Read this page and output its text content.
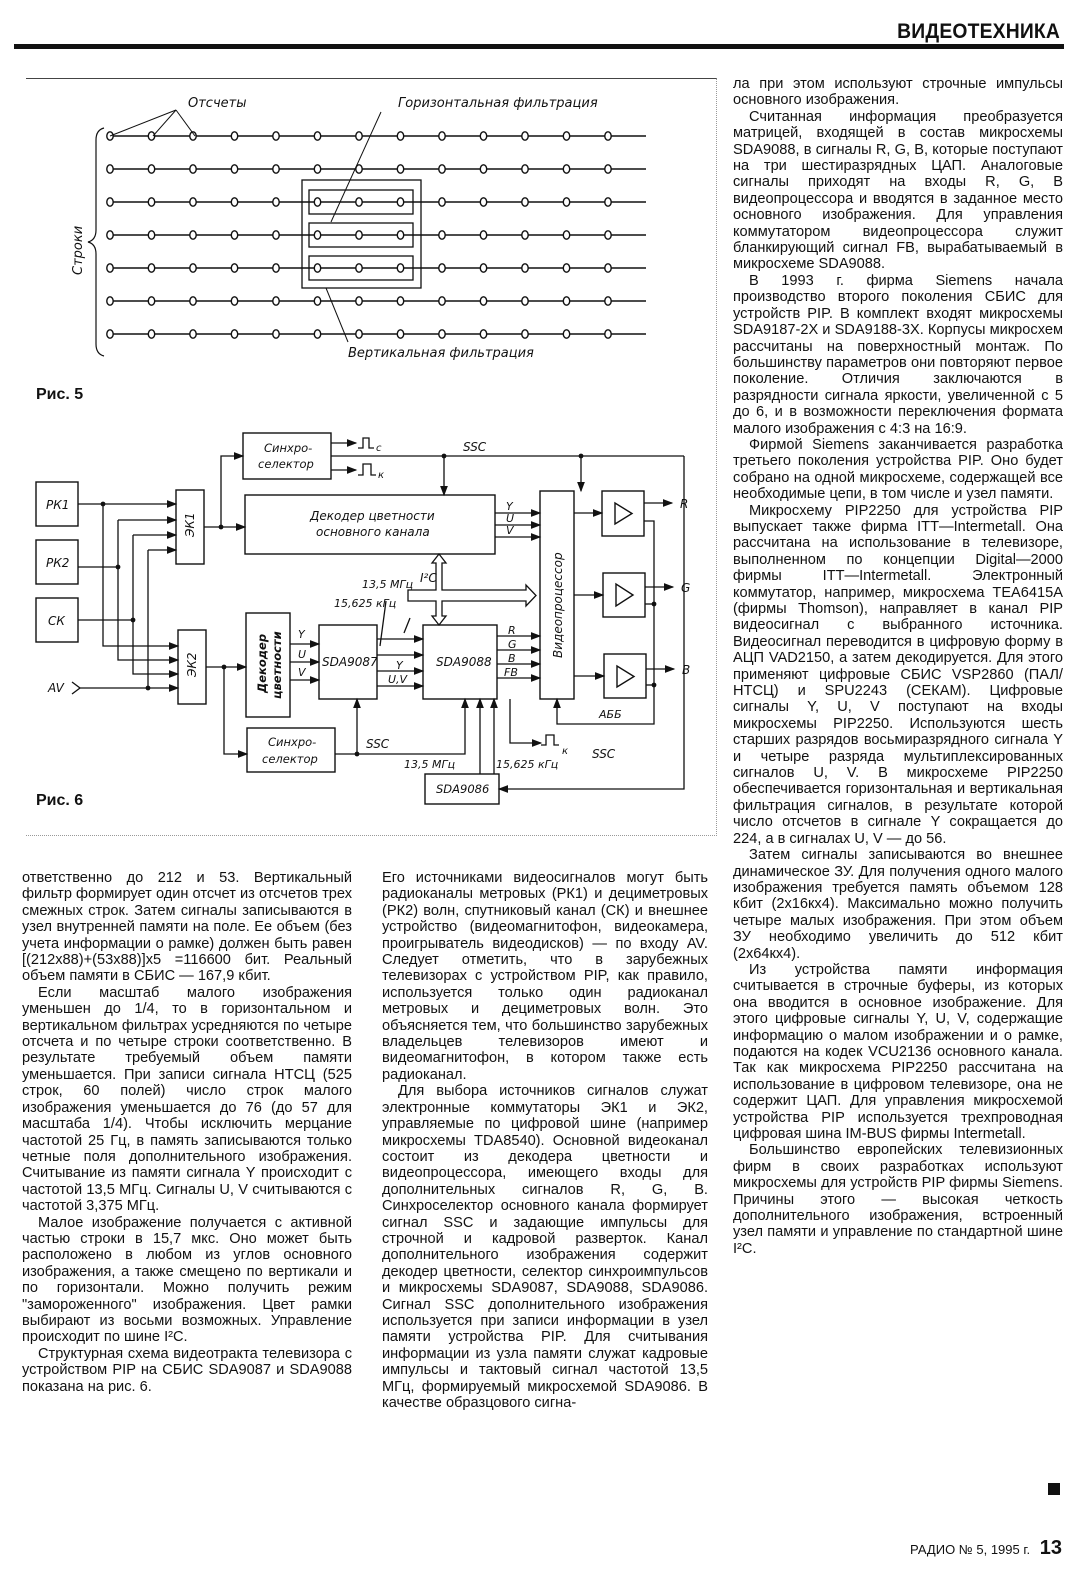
ВИДЕОТЕХНИКА
Строки
Отсчеты	Горизонтальная фильтрация
Вертикальная фильтрация
Рис. 5
РК1
РК2
СК
ЭК1
ЭК2
Синхро-
селектор
Синхро-
селектор
Декодер цветности
основного канала
Декодер цветности	SDA9087	SDA9088
SDA9086
Видеопроцессор
с
к
SSC
Y
U
V
I²C
13,5 МГц
15,625 кГц
Y
U
V
Y
U,V
R
G
B
FB
AV
SSC
13,5 МГц	15,625 кГц
к SSC
АББ
R
G
B
Рис. 6

ответственно до 212 и 53. Вертикальный фильтр формирует один отсчет из отсчетов трех смежных строк. Затем сигналы записываются в узел внутренней памяти на поле. Ее объем (без учета информации о рамке) должен быть равен [(212x88)+(53x88)]x5 =116600 бит. Реальный объем памяти в СБИС — 167,9 кбит.

Если масштаб малого изображения уменьшен до 1/4, то в горизонтальном и вертикальном фильтрах усредняются по четыре отсчета и по четыре строки соответственно. В результате требуемый объем памяти уменьшается. При записи сигнала НТСЦ (525 строк, 60 полей) число строк малого изображения уменьшается до 76 (до 57 для масштаба 1/4). Чтобы исключить мерцание частотой 25 Гц, в память записываются только четные поля дополнительного изображения. Считывание из памяти сигнала Y происходит с частотой 13,5 МГц. Сигналы U, V считываются с частотой 3,375 МГц.

Малое изображение получается с активной частью строки в 15,7 мкс. Оно может быть расположено в любом из углов основного изображения, а также смещено по вертикали и по горизонтали. Можно получить режим "замороженного" изображения. Цвет рамки выбирают из восьми возможных. Управление происходит по шине I²C.

Структурная схема видеотракта телевизора с устройством PIP на СБИС SDA9087 и SDA9088 показана на рис. 6.

Его источниками видеосигналов могут быть радиоканалы метровых (РК1) и дециметровых (РК2) волн, спутниковый канал (СК) и внешнее устройство (видеомагнитофон, видеокамера, проигрыватель видеодисков) — по входу AV. Следует отметить, что в зарубежных телевизорах с устройством PIP, как правило, используется только один радиоканал метровых и дециметровых волн. Это объясняется тем, что большинство зарубежных владельцев телевизоров имеют и видеомагнитофон, в котором также есть радиоканал.

Для выбора источников сигналов служат электронные коммутаторы ЭК1 и ЭК2, управляемые по цифровой шине (например микросхемы TDA8540). Основной видеоканал состоит из декодера цветности и видеопроцессора, имеющего входы для дополнительных сигналов R, G, B. Синхроселектор основного канала формирует сигнал SSC и задающие импульсы для строчной и кадровой разверток. Канал дополнительного изображения содержит декодер цветности, селектор синхроимпульсов и микросхемы SDA9087, SDA9088, SDA9086. Сигнал SSC дополнительного изображения используется при записи информации в узел памяти устройства PIP. Для считывания информации из узла памяти служат кадровые импульсы и тактовый сигнал частотой 13,5 МГц, формируемый микросхемой SDA9086. В качестве образцового сигна-

ла при этом используют строчные импульсы основного изображения.

Считанная информация преобразуется матрицей, входящей в состав микросхемы SDA9088, в сигналы R, G, B, которые поступают на три шестиразрядных ЦАП. Аналоговые сигналы приходят на входы R, G, B видеопроцессора и вводятся в заданное место основного изображения. Для управления коммутатором видеопроцессора служит бланкирующий сигнал FB, вырабатываемый в микросхеме SDA9088.

В 1993 г. фирма Siemens начала производство второго поколения СБИС для устройств PIP. В комплект входят микросхемы SDA9187-2X и SDA9188-3X. Корпусы микросхем рассчитаны на поверхностный монтаж. По большинству параметров они повторяют первое поколение. Отличия заключаются в разрядности сигнала яркости, увеличенной с 5 до 6, и в возможности переключения формата малого изображения с 4:3 на 16:9.

Фирмой Siemens заканчивается разработка третьего поколения устройства PIP. Оно будет собрано на одной микросхеме, содержащей все необходимые цепи, в том числе и узел памяти.

Микросхему PIP2250 для устройства PIP выпускает также фирма ITT—Intermetall. Она рассчитана на использование в телевизоре, выполненном по концепции Digital—2000 фирмы ITT—Intermetall. Электронный коммутатор, например, микросхема TEA6415A (фирмы Thomson), направляет в канал PIP видеосигнал с выбранного источника. Видеосигнал переводится в цифровую форму в АЦП VAD2150, а затем декодируется. Для этого применяют цифровые СБИС VSP2860 (ПАЛ/НТСЦ) и SPU2243 (СЕКАМ). Цифровые сигналы Y, U, V поступают на входы микросхемы PIP2250. Используются шесть старших разрядов восьмиразрядного сигнала Y и четыре разряда мультиплексированных сигналов U, V. В микросхеме PIP2250 обеспечивается горизонтальная и вертикальная фильтрация сигналов, в результате которой число отсчетов в сигнале Y сокращается до 224, а в сигналах U, V — до 56.

Затем сигналы записываются во внешнее динамическое ЗУ. Для получения одного малого изображения требуется память объемом 128 кбит (2x16кx4). Максимально можно получить четыре малых изображения. При этом объем ЗУ необходимо увеличить до 512 кбит (2x64кx4).

Из устройства памяти информация считывается в строчные буферы, из которых она вводится в основное изображение. Для этого цифровые сигналы Y, U, V, содержащие информацию о малом изображении и о рамке, подаются на кодек VCU2136 основного канала. Так как микросхема PIP2250 рассчитана на использование в цифровом телевизоре, она не содержит ЦАП. Для управления микросхемой устройства PIP используется трехпроводная цифровая шина IM-BUS фирмы Intermetall.

Большинство европейских телевизионных фирм в своих разработках используют микросхемы для устройств PIP фирмы Siemens. Причины этого — высокая четкость дополнительного изображения, встроенный узел памяти и управление по стандартной шине I²C.

РАДИО № 5, 1995 г. 13
